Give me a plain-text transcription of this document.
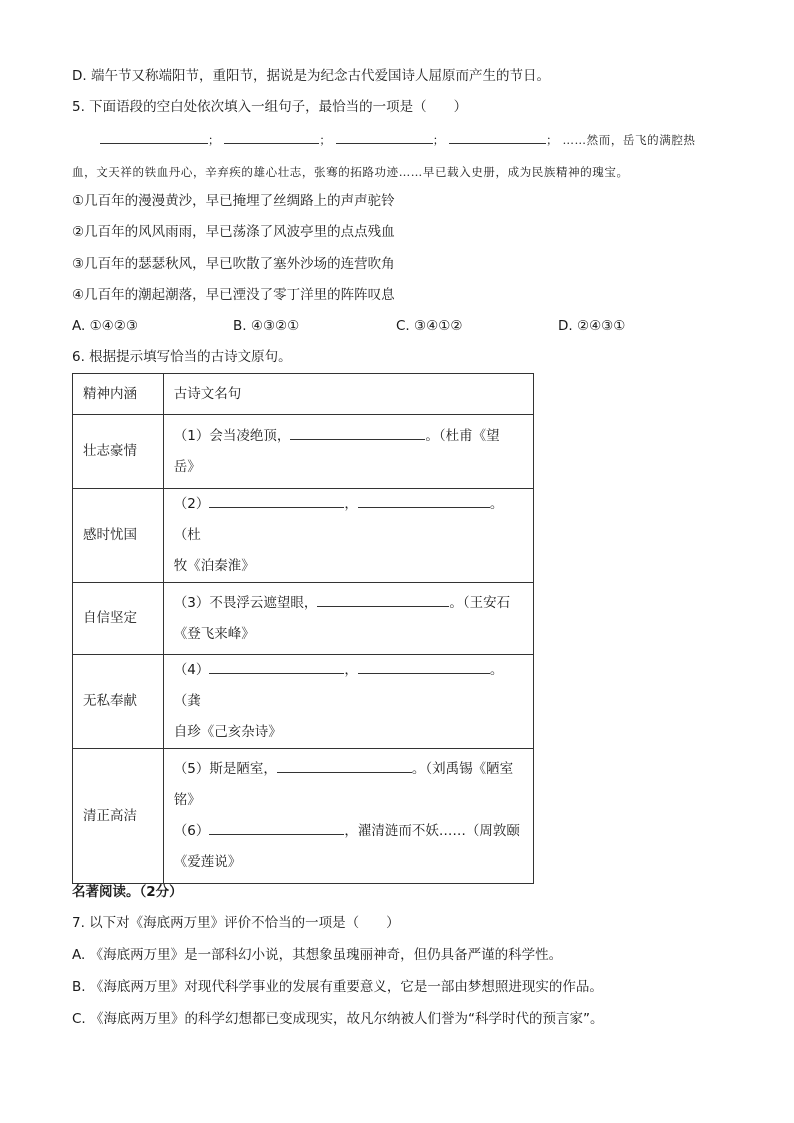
D. 端午节又称端阳节，重阳节，据说是为纪念古代爱国诗人屈原而产生的节日。
5. 下面语段的空白处依次填入一组句子，最恰当的一项是（　　）
；	；	；	； ……然而，岳飞的满腔热
血，文天祥的铁血丹心，辛弃疾的雄心壮志，张骞的拓路功迹……早已载入史册，成为民族精神的瑰宝。
①几百年的漫漫黄沙，早已掩埋了丝绸路上的声声驼铃
②几百年的风风雨雨，早已荡涤了风波亭里的点点残血
③几百年的瑟瑟秋风，早已吹散了塞外沙场的连营吹角
④几百年的潮起潮落，早已湮没了零丁洋里的阵阵叹息
A. ①④②③	B. ④③②①	C. ③④①②	D. ②④③①
6. 根据提示填写恰当的古诗文原句。
精神内涵	古诗文名句
壮志豪情	（1）会当凌绝顶， 。（杜甫《望
岳》

感时忧国	（2） ， 。（杜
牧《泊秦淮》

自信坚定	（3）不畏浮云遮望眼， 。（王安石
《登飞来峰》

无私奉献	（4） ， 。（龚
自珍《己亥杂诗》

清正高洁	（5）斯是陋室， 。（刘禹锡《陋室
铭》
（6） ，濯清涟而不妖……（周敦颐
《爱莲说》
名著阅读。（2分）
7. 以下对《海底两万里》评价不恰当的一项是（　　）
A. 《海底两万里》是一部科幻小说，其想象虽瑰丽神奇，但仍具备严谨的科学性。
B. 《海底两万里》对现代科学事业的发展有重要意义，它是一部由梦想照进现实的作品。
C. 《海底两万里》的科学幻想都已变成现实，故凡尔纳被人们誉为“科学时代的预言家”。
